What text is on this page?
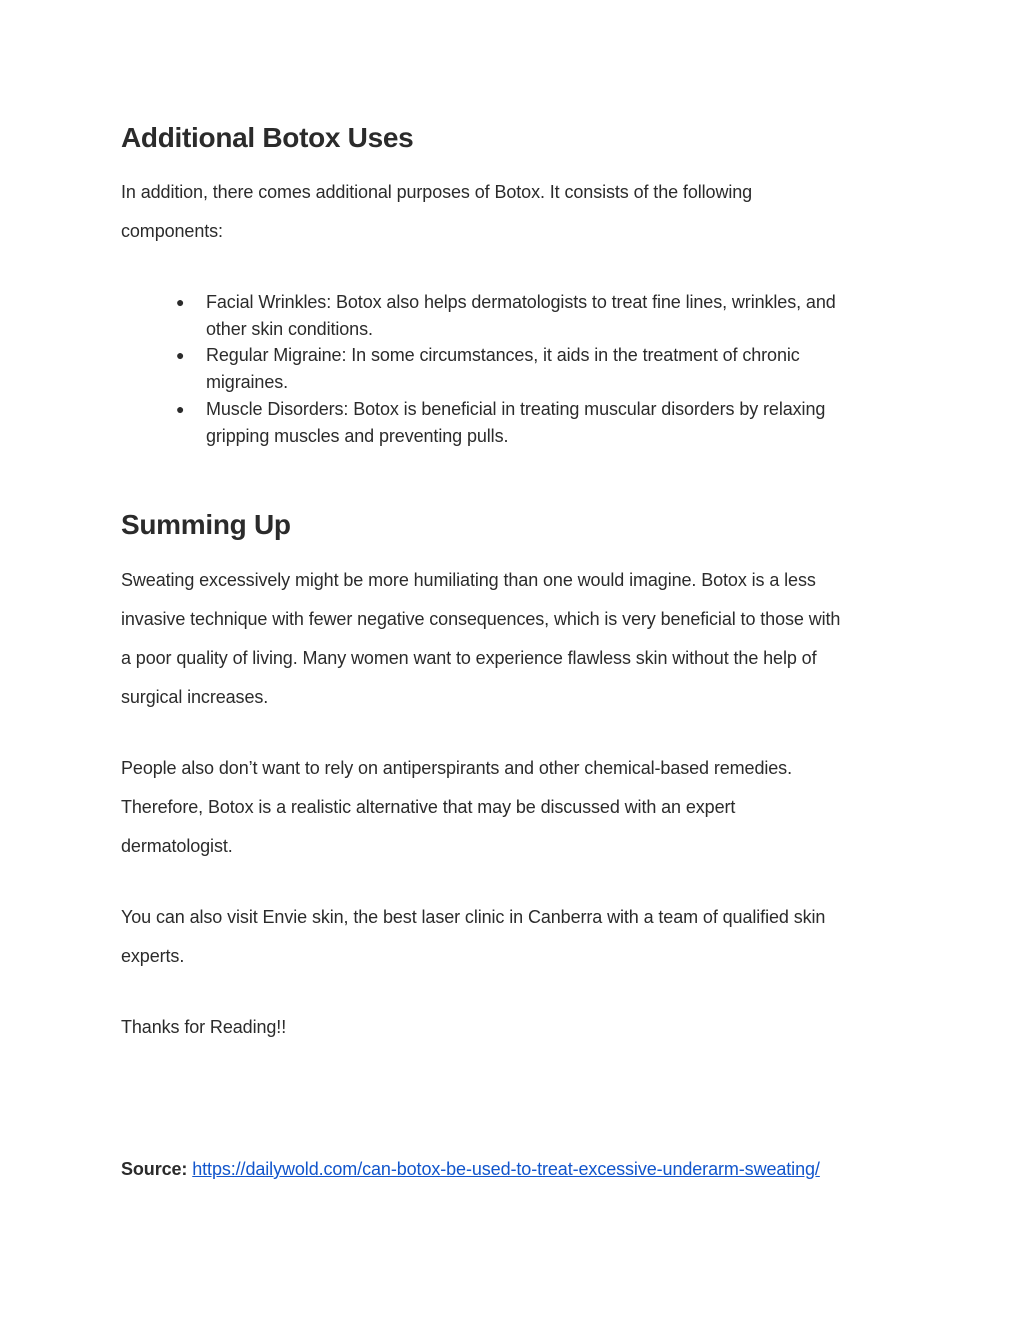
Additional Botox Uses

In addition, there comes additional purposes of Botox. It consists of the following
components:

● Facial Wrinkles: Botox also helps dermatologists to treat fine lines, wrinkles, and
other skin conditions.
● Regular Migraine: In some circumstances, it aids in the treatment of chronic
migraines.
● Muscle Disorders: Botox is beneficial in treating muscular disorders by relaxing
gripping muscles and preventing pulls.
Summing Up

Sweating excessively might be more humiliating than one would imagine. Botox is a less
invasive technique with fewer negative consequences, which is very beneficial to those with
a poor quality of living. Many women want to experience flawless skin without the help of
surgical increases.

People also don’t want to rely on antiperspirants and other chemical-based remedies.
Therefore, Botox is a realistic alternative that may be discussed with an expert
dermatologist.

You can also visit Envie skin, the best laser clinic in Canberra with a team of qualified skin
experts.

Thanks for Reading!!

Source: https://dailywold.com/can-botox-be-used-to-treat-excessive-underarm-sweating/
